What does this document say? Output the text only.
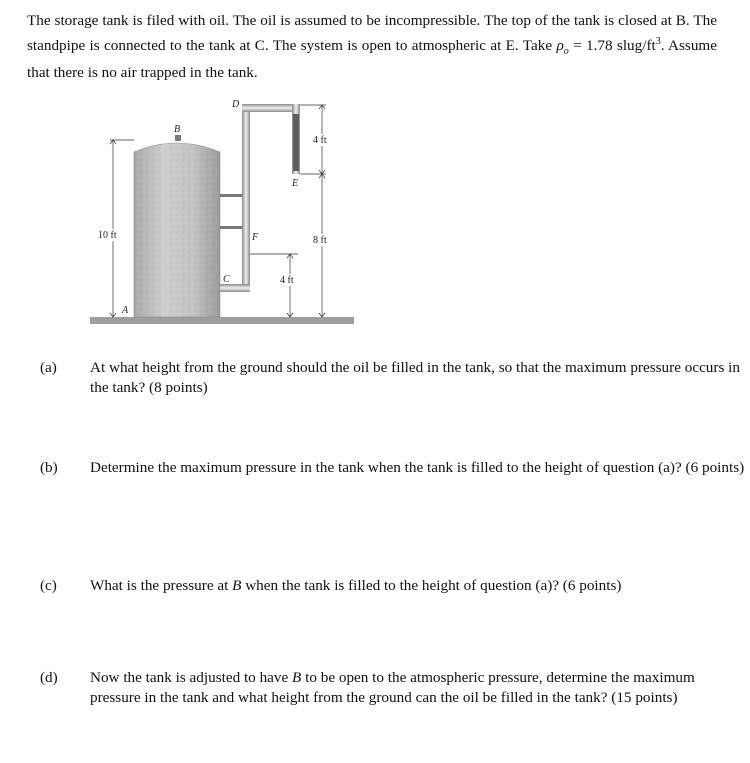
The storage tank is filed with oil. The oil is assumed to be incompressible. The top of the tank is closed at B. The standpipe is connected to the tank at C. The system is open to atmospheric at E. Take $\rho_o = 1.78$ slug/$ft^3$. Assume that there is no air trapped in the tank.

B
D
E
F
C
A
10 ft
4 ft
8 ft
4 ft

(a) At what height from the ground should the oil be filled in the tank, so that the maximum pressure occurs in the tank? (8 points)

(b) Determine the maximum pressure in the tank when the tank is filled to the height of question (a)? (6 points)

(c) What is the pressure at B when the tank is filled to the height of question (a)? (6 points)

(d) Now the tank is adjusted to have B to be open to the atmospheric pressure, determine the maximum pressure in the tank and what height from the ground can the oil be filled in the tank? (15 points)
